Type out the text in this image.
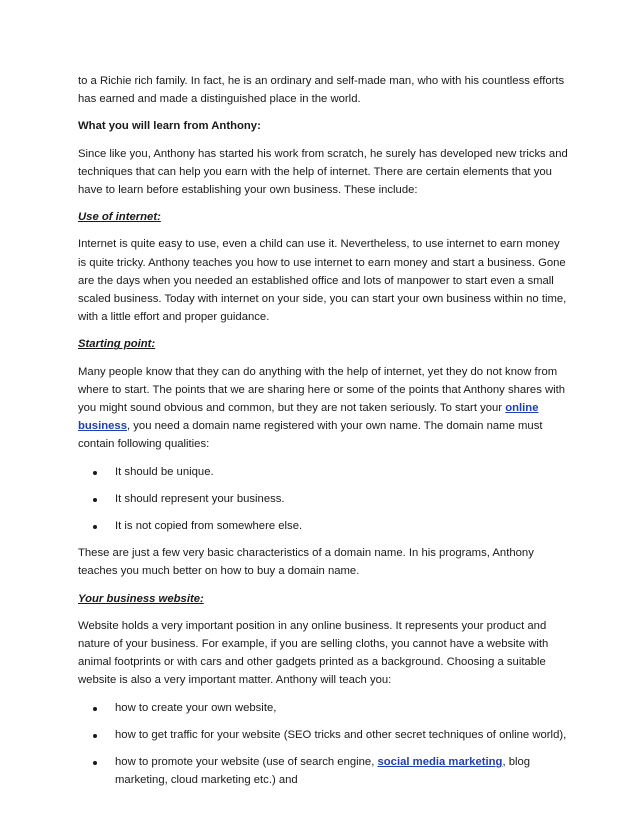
to a Richie rich family. In fact, he is an ordinary and self-made man, who with his countless efforts has earned and made a distinguished place in the world.

What you will learn from Anthony:

Since like you, Anthony has started his work from scratch, he surely has developed new tricks and techniques that can help you earn with the help of internet. There are certain elements that you have to learn before establishing your own business. These include:

Use of internet:

Internet is quite easy to use, even a child can use it. Nevertheless, to use internet to earn money is quite tricky. Anthony teaches you how to use internet to earn money and start a business. Gone are the days when you needed an established office and lots of manpower to start even a small scaled business. Today with internet on your side, you can start your own business within no time, with a little effort and proper guidance.

Starting point:

Many people know that they can do anything with the help of internet, yet they do not know from where to start. The points that we are sharing here or some of the points that Anthony shares with you might sound obvious and common, but they are not taken seriously. To start your online business, you need a domain name registered with your own name. The domain name must contain following qualities:

It should be unique.
It should represent your business.
It is not copied from somewhere else.

These are just a few very basic characteristics of a domain name. In his programs, Anthony teaches you much better on how to buy a domain name.

Your business website:

Website holds a very important position in any online business. It represents your product and nature of your business. For example, if you are selling cloths, you cannot have a website with animal footprints or with cars and other gadgets printed as a background. Choosing a suitable website is also a very important matter. Anthony will teach you:

how to create your own website,
how to get traffic for your website (SEO tricks and other secret techniques of online world),
how to promote your website (use of search engine, social media marketing, blog marketing, cloud marketing etc.) and
